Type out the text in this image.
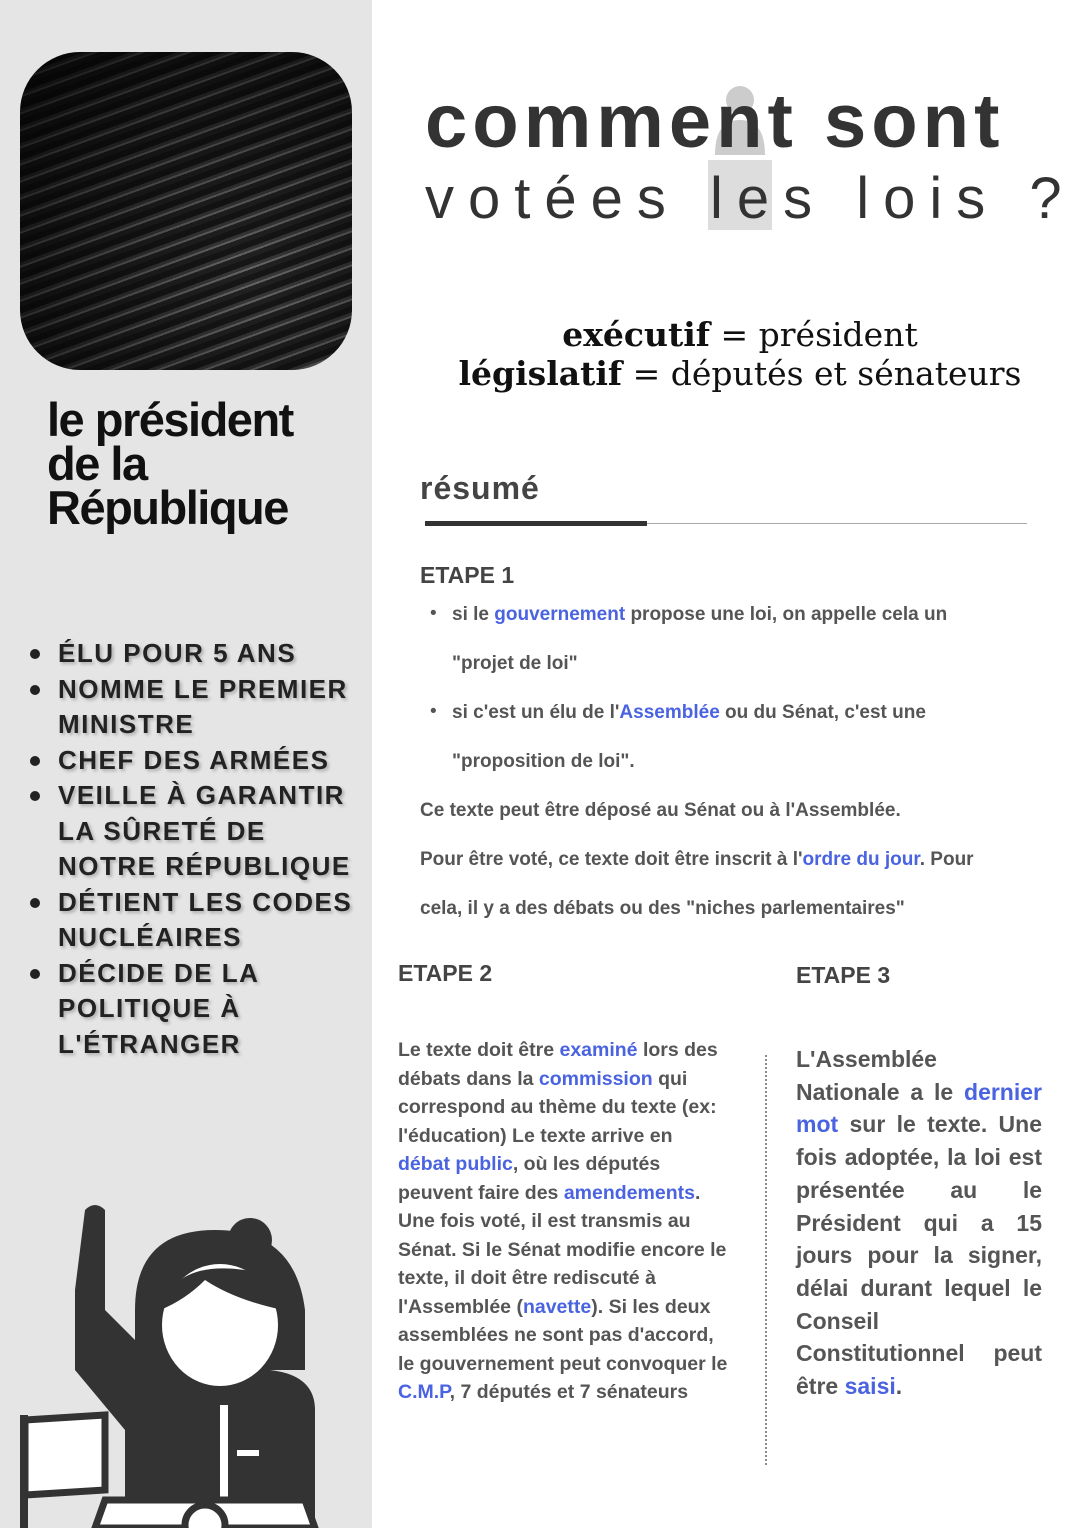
le président
de la
République
ÉLU POUR 5 ANS
NOMME LE PREMIER MINISTRE
CHEF DES ARMÉES
VEILLE À GARANTIR LA SÛRETÉ DE NOTRE RÉPUBLIQUE
DÉTIENT LES CODES NUCLÉAIRES
DÉCIDE DE LA POLITIQUE À L'ÉTRANGER
comment sont
votées les lois ?
exécutif = président
législatif = députés et sénateurs
résumé
ETAPE 1
•
•
si le gouvernement propose une loi, on appelle cela un
"projet de loi"
si c'est un élu de l'Assemblée ou du Sénat, c'est une
"proposition de loi".
Ce texte peut être déposé au Sénat ou à l'Assemblée.
Pour être voté, ce texte doit être inscrit à l'ordre du jour. Pour
cela, il y a des débats ou des "niches parlementaires"
ETAPE 2	ETAPE 3
Le texte doit être examiné lors des débats dans la commission qui correspond au thème du texte (ex: l'éducation) Le texte arrive en débat public, où les députés peuvent faire des amendements. Une fois voté, il est transmis au Sénat. Si le Sénat modifie encore le texte, il doit être rediscuté à l'Assemblée (navette). Si les deux assemblées ne sont pas d'accord, le gouvernement peut convoquer le C.M.P, 7 députés et 7 sénateurs
L'Assemblée Nationale a le dernier mot sur le texte. Une fois adoptée, la loi est présentée au le Président qui a 15 jours pour la signer, délai durant lequel le Conseil Constitutionnel peut être saisi.
